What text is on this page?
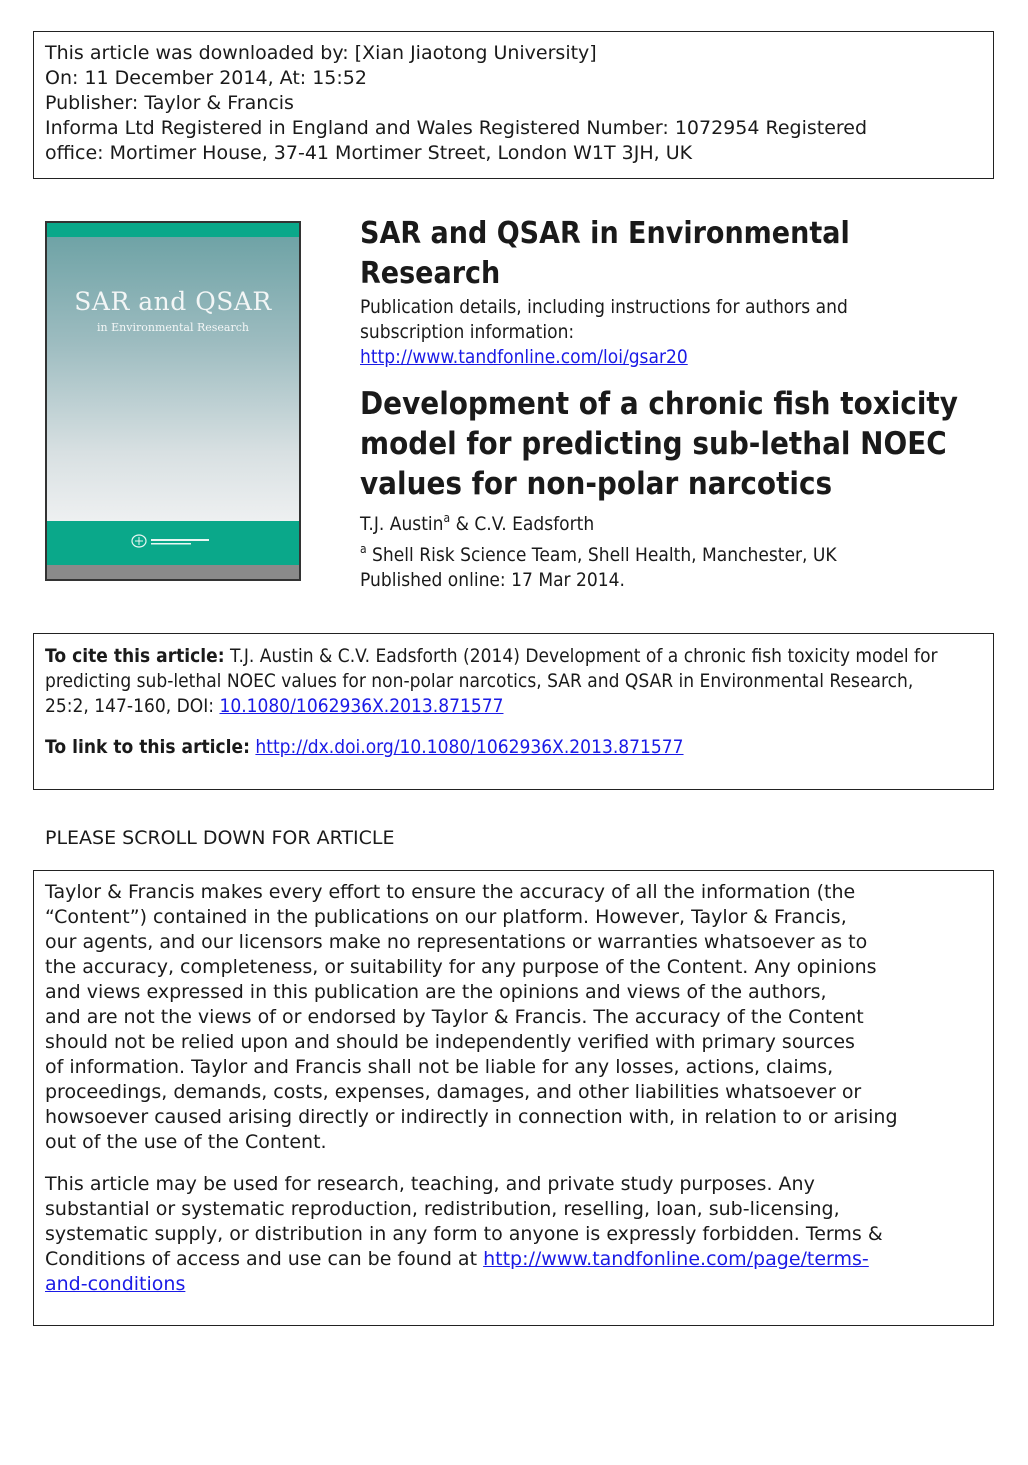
This article was downloaded by: [Xian Jiaotong University]
On: 11 December 2014, At: 15:52
Publisher: Taylor & Francis
Informa Ltd Registered in England and Wales Registered Number: 1072954 Registered
office: Mortimer House, 37-41 Mortimer Street, London W1T 3JH, UK
SAR and QSAR
in Environmental Research
SAR and QSAR in Environmental Research
Publication details, including instructions for authors and subscription information:
http://www.tandfonline.com/loi/gsar20
Development of a chronic fish toxicity model for predicting sub-lethal NOEC values for non-polar narcotics
T.J. Austin$^a$ & C.V. Eadsforth
$^a$ Shell Risk Science Team, Shell Health, Manchester, UK
Published online: 17 Mar 2014.
To cite this article: T.J. Austin & C.V. Eadsforth (2014) Development of a chronic fish toxicity model for predicting sub-lethal NOEC values for non-polar narcotics, SAR and QSAR in Environmental Research, 25:2, 147-160, DOI: 10.1080/1062936X.2013.871577
To link to this article: http://dx.doi.org/10.1080/1062936X.2013.871577
PLEASE SCROLL DOWN FOR ARTICLE
Taylor & Francis makes every effort to ensure the accuracy of all the information (the
“Content”) contained in the publications on our platform. However, Taylor & Francis,
our agents, and our licensors make no representations or warranties whatsoever as to
the accuracy, completeness, or suitability for any purpose of the Content. Any opinions
and views expressed in this publication are the opinions and views of the authors,
and are not the views of or endorsed by Taylor & Francis. The accuracy of the Content
should not be relied upon and should be independently verified with primary sources
of information. Taylor and Francis shall not be liable for any losses, actions, claims,
proceedings, demands, costs, expenses, damages, and other liabilities whatsoever or
howsoever caused arising directly or indirectly in connection with, in relation to or arising
out of the use of the Content.
This article may be used for research, teaching, and private study purposes. Any
substantial or systematic reproduction, redistribution, reselling, loan, sub-licensing,
systematic supply, or distribution in any form to anyone is expressly forbidden. Terms &
Conditions of access and use can be found at http://www.tandfonline.com/page/terms-
and-conditions
